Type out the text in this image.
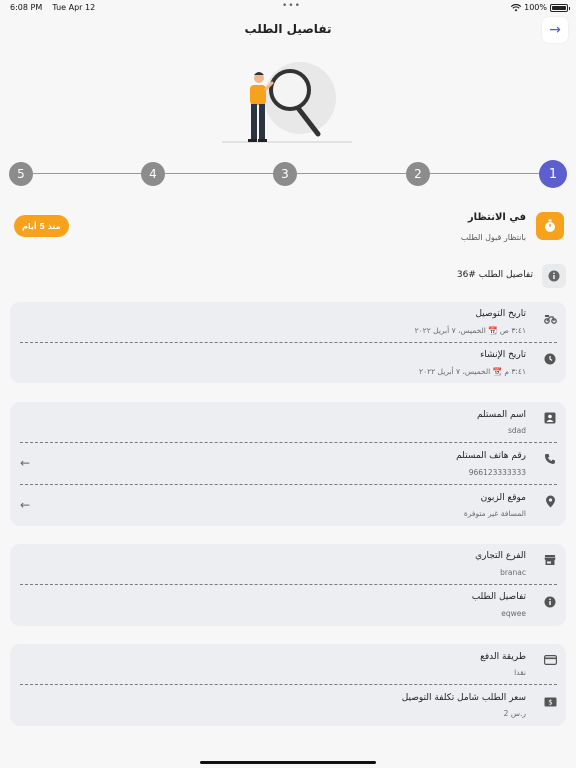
6:08 PM Tue Apr 12	•••	100%
تفاصيل الطلب	→
5	4	3	2	1
في الانتظار
بانتظار قبول الطلب
منذ 5 أيام
تفاصيل الطلب #36
تاريخ التوصيل
٣:٤١ ص 📆 الخميس، ٧ أبريل ٢٠٢٢
تاريخ الإنشاء
٣:٤١ م 📆 الخميس، ٧ أبريل ٢٠٢٢
اسم المستلم
sdad
رقم هاتف المستلم
966123333333
←
موقع الزبون
المسافة غير متوفرة
←
الفرع التجاري
branac
تفاصيل الطلب
eqwee
طريقة الدفع
نقدا
سعر الطلب شامل تكلفة التوصيل
2 ر.س
$
